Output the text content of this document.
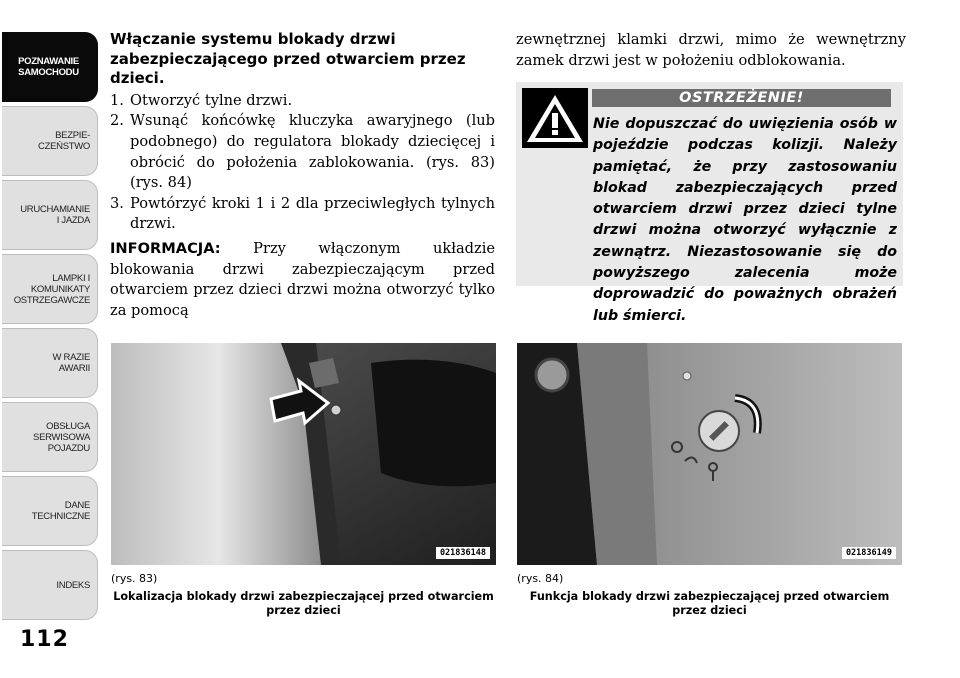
POZNAWANIE
SAMOCHODU
BEZPIE-
CZEŃSTWO
URUCHAMIANIE
I JAZDA
LAMPKI I
KOMUNIKATY
OSTRZEGAWCZE
W RAZIE
AWARII
OBSŁUGA
SERWISOWA
POJAZDU
DANE
TECHNICZNE
INDEKS
112
Włączanie systemu blokady drzwi zabezpieczającego przed otwarciem przez dzieci.
1. Otworzyć tylne drzwi.
2. Wsunąć końcówkę kluczyka awaryjnego (lub podobnego) do regulatora blokady dziecięcej i obrócić do położenia zablokowania. (rys. 83) (rys. 84)
3. Powtórzyć kroki 1 i 2 dla przeciwległych tylnych drzwi.

INFORMACJA: Przy włączonym układzie blokowania drzwi zabezpieczającym przed otwarciem przez dzieci drzwi można otworzyć tylko za pomocą

zewnętrznej klamki drzwi, mimo że wewnętrzny zamek drzwi jest w położeniu odblokowania.

OSTRZEŻENIE!
Nie dopuszczać do uwięzienia osób w pojeździe podczas kolizji. Należy pamiętać, że przy zastosowaniu blokad zabezpieczających przed otwarciem drzwi przez dzieci tylne drzwi można otworzyć wyłącznie z zewnątrz. Niezastosowanie się do powyższego zalecenia może doprowadzić do poważnych obrażeń lub śmierci.
021836148
(rys. 83)
Lokalizacja blokady drzwi zabezpieczającej przed otwarciem przez dzieci
021836149
(rys. 84)
Funkcja blokady drzwi zabezpieczającej przed otwarciem przez dzieci
